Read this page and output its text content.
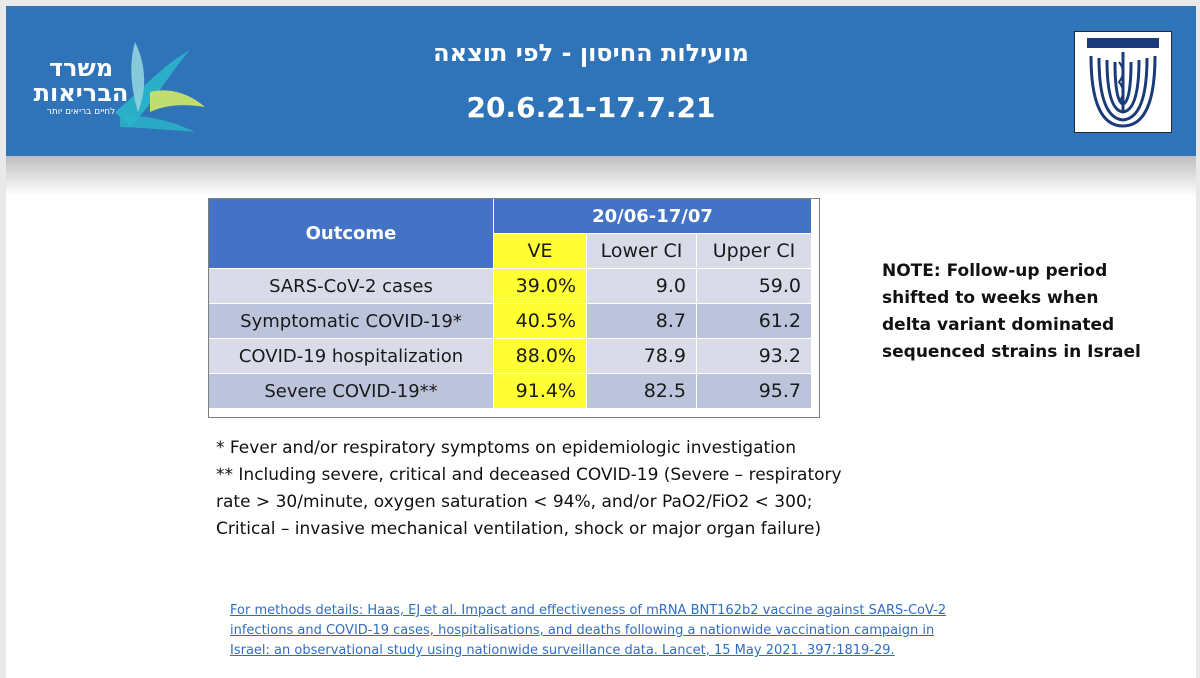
משרד
הבריאות
לחיים בריאים יותר
מועילות החיסון - לפי תוצאה
20.6.21-17.7.21
Outcome	20/06-17/07		
	VE	Lower CI	Upper CI
SARS-CoV-2 cases	39.0%	9.0	59.0
Symptomatic COVID-19*	40.5%	8.7	61.2
COVID-19 hospitalization	88.0%	78.9	93.2
Severe COVID-19**	91.4%	82.5	95.7
NOTE: Follow-up period
shifted to weeks when
delta variant dominated
sequenced strains in Israel

* Fever and/or respiratory symptoms on epidemiologic investigation

** Including severe, critical and deceased COVID-19 (Severe – respiratory

rate > 30/minute, oxygen saturation < 94%, and/or PaO2/FiO2 < 300;

Critical – invasive mechanical ventilation, shock or major organ failure)

For methods details: Haas, EJ et al. Impact and effectiveness of mRNA BNT162b2 vaccine against SARS-CoV-2
infections and COVID-19 cases, hospitalisations, and deaths following a nationwide vaccination campaign in
Israel: an observational study using nationwide surveillance data. Lancet, 15 May 2021. 397:1819-29.
